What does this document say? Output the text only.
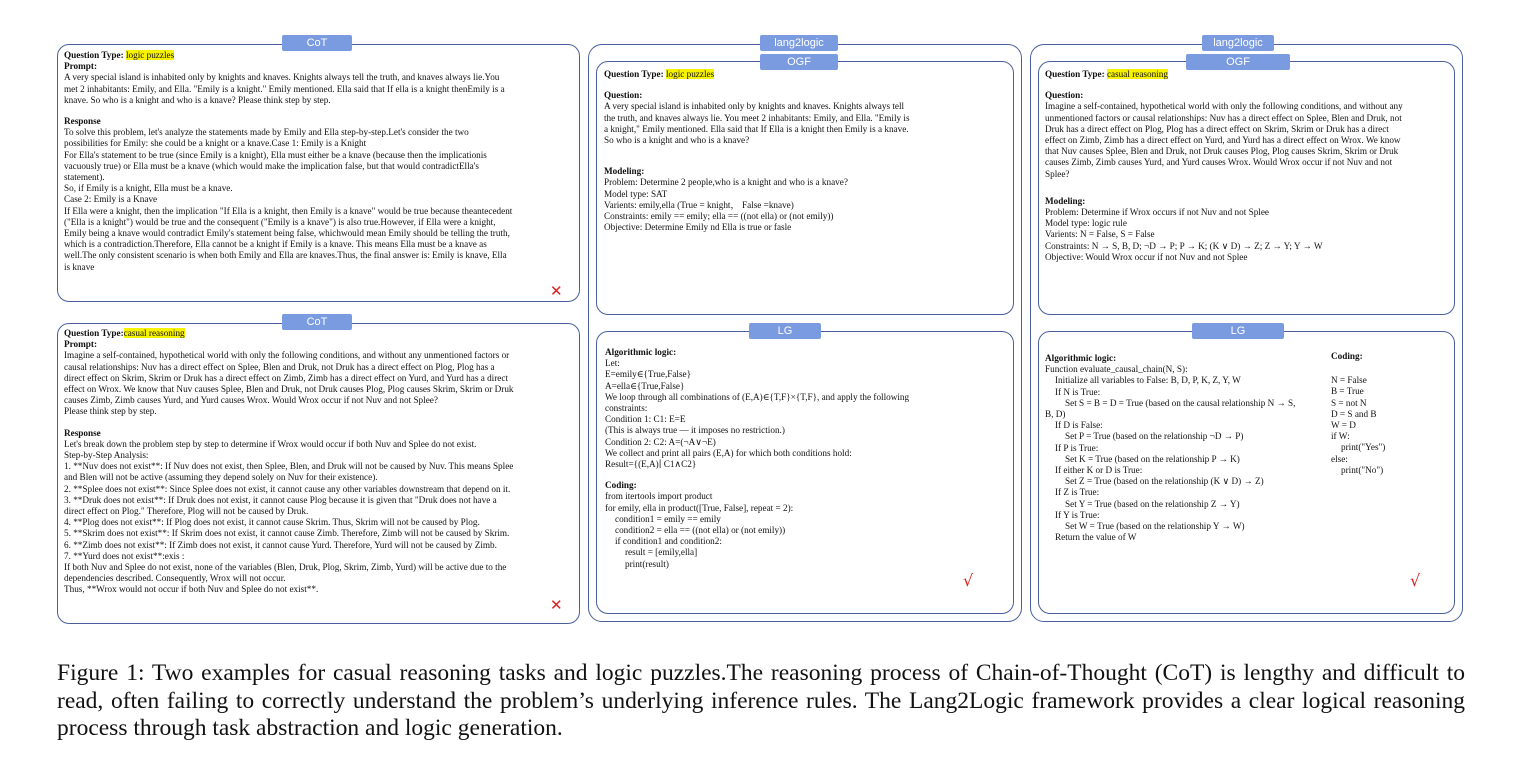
CoT

Question Type: logic puzzles

Prompt:

A very special island is inhabited only by knights and knaves. Knights always tell the truth, and knaves always lie.You

met 2 inhabitants: Emily, and Ella. "Emily is a knight." Emily mentioned. Ella said that If ella is a knight thenEmily is a

knave. So who is a knight and who is a knave? Please think step by step.

Response

To solve this problem, let's analyze the statements made by Emily and Ella step-by-step.Let's consider the two

possibilities for Emily: she could be a knight or a knave.Case 1: Emily is a Knight

For Ella's statement to be true (since Emily is a knight), Ella must either be a knave (because then the implicationis

vacuously true) or Ella must be a knave (which would make the implication false, but that would contradictElla's

statement).

So, if Emily is a knight, Ella must be a knave.

Case 2: Emily is a Knave

If Ella were a knight, then the implication "If Ella is a knight, then Emily is a knave" would be true because theantecedent

("Ella is a knight") would be true and the consequent ("Emily is a knave") is also true.However, if Ella were a knight,

Emily being a knave would contradict Emily's statement being false, whichwould mean Emily should be telling the truth,

which is a contradiction.Therefore, Ella cannot be a knight if Emily is a knave. This means Ella must be a knave as

well.The only consistent scenario is when both Emily and Ella are knaves.Thus, the final answer is: Emily is knave, Ella

is knave

✕
CoT

Question Type:casual reasoning

Prompt:

Imagine a self-contained, hypothetical world with only the following conditions, and without any unmentioned factors or

causal relationships: Nuv has a direct effect on Splee, Blen and Druk, not Druk has a direct effect on Plog, Plog has a

direct effect on Skrim, Skrim or Druk has a direct effect on Zimb, Zimb has a direct effect on Yurd, and Yurd has a direct

effect on Wrox. We know that Nuv causes Splee, Blen and Druk, not Druk causes Plog, Plog causes Skrim, Skrim or Druk

causes Zimb, Zimb causes Yurd, and Yurd causes Wrox. Would Wrox occur if not Nuv and not Splee?

Please think step by step.

Response

Let's break down the problem step by step to determine if Wrox would occur if both Nuv and Splee do not exist.

Step-by-Step Analysis:

1. **Nuv does not exist**: If Nuv does not exist, then Splee, Blen, and Druk will not be caused by Nuv. This means Splee

and Blen will not be active (assuming they depend solely on Nuv for their existence).

2. **Splee does not exist**: Since Splee does not exist, it cannot cause any other variables downstream that depend on it.

3. **Druk does not exist**: If Druk does not exist, it cannot cause Plog because it is given that "Druk does not have a

direct effect on Plog." Therefore, Plog will not be caused by Druk.

4. **Plog does not exist**: If Plog does not exist, it cannot cause Skrim. Thus, Skrim will not be caused by Plog.

5. **Skrim does not exist**: If Skrim does not exist, it cannot cause Zimb. Therefore, Zimb will not be caused by Skrim.

6. **Zimb does not exist**: If Zimb does not exist, it cannot cause Yurd. Therefore, Yurd will not be caused by Zimb.

7. **Yurd does not exist**:exis :

If both Nuv and Splee do not exist, none of the variables (Blen, Druk, Plog, Skrim, Zimb, Yurd) will be active due to the

dependencies described. Consequently, Wrox will not occur.

Thus, **Wrox would not occur if both Nuv and Splee do not exist**.

✕
lang2logic
OGF

Question Type: logic puzzles

Question:

A very special island is inhabited only by knights and knaves. Knights always tell

the truth, and knaves always lie. You meet 2 inhabitants: Emily, and Ella. "Emily is

a knight," Emily mentioned. Ella said that If Ella is a knight then Emily is a knave.

So who is a knight and who is a knave?

Modeling:

Problem: Determine 2 people,who is a knight and who is a knave?

Model type: SAT

Varients: emily,ella (True = knight， False =knave)

Constraints: emily == emily; ella == ((not ella) or (not emily))

Objective: Determine Emily nd Ella is true or fasle

LG

Algorithmic logic:

Let:

E=emily∈{True,False}

A=ella∈{True,False}

We loop through all combinations of (E,A)∈{T,F}×{T,F}, and apply the following

constraints:

Condition 1: C1: E=E

(This is always true — it imposes no restriction.)

Condition 2: C2: A=(¬A∨¬E)

We collect and print all pairs (E,A) for which both conditions hold:

Result={(E,A)∣ C1∧C2}

Coding:

from itertools import product

for emily, ella in product([True, False], repeat = 2):

condition1 = emily == emily

condition2 = ella == ((not ella) or (not emily))

if condition1 and condition2:

result = [emily,ella]

print(result)

√
lang2logic
OGF

Question Type: casual reasoning

Question:

Imagine a self-contained, hypothetical world with only the following conditions, and without any

unmentioned factors or causal relationships: Nuv has a direct effect on Splee, Blen and Druk, not

Druk has a direct effect on Plog, Plog has a direct effect on Skrim, Skrim or Druk has a direct

effect on Zimb, Zimb has a direct effect on Yurd, and Yurd has a direct effect on Wrox. We know

that Nuv causes Splee, Blen and Druk, not Druk causes Plog, Plog causes Skrim, Skrim or Druk

causes Zimb, Zimb causes Yurd, and Yurd causes Wrox. Would Wrox occur if not Nuv and not

Splee?

Modeling:

Problem: Determine if Wrox occurs if not Nuv and not Splee

Model type: logic rule

Varients: N = False, S = False

Constraints: N → S, B, D; ¬D → P; P → K; (K ∨ D) → Z; Z → Y; Y → W

Objective: Would Wrox occur if not Nuv and not Splee

LG

Algorithmic logic:

Function evaluate_causal_chain(N, S):

Initialize all variables to False: B, D, P, K, Z, Y, W

If N is True:

Set S = B = D = True (based on the causal relationship N → S,

B, D)

If D is False:

Set P = True (based on the relationship ¬D → P)

If P is True:

Set K = True (based on the relationship P → K)

If either K or D is True:

Set Z = True (based on the relationship (K ∨ D) → Z)

If Z is True:

Set Y = True (based on the relationship Z → Y)

If Y is True:

Set W = True (based on the relationship Y → W)

Return the value of W

Coding:

N = False

B = True

S = not N

D = S and B

W = D

if W:

print("Yes")

else:

print("No")

√
Figure 1: Two examples for casual reasoning tasks and logic puzzles.The reasoning process of Chain-of-Thought (CoT) is lengthy and difficult to read, often failing to correctly understand the problem’s underlying inference rules. The Lang2Logic framework provides a clear logical reasoning process through task abstraction and logic generation.
